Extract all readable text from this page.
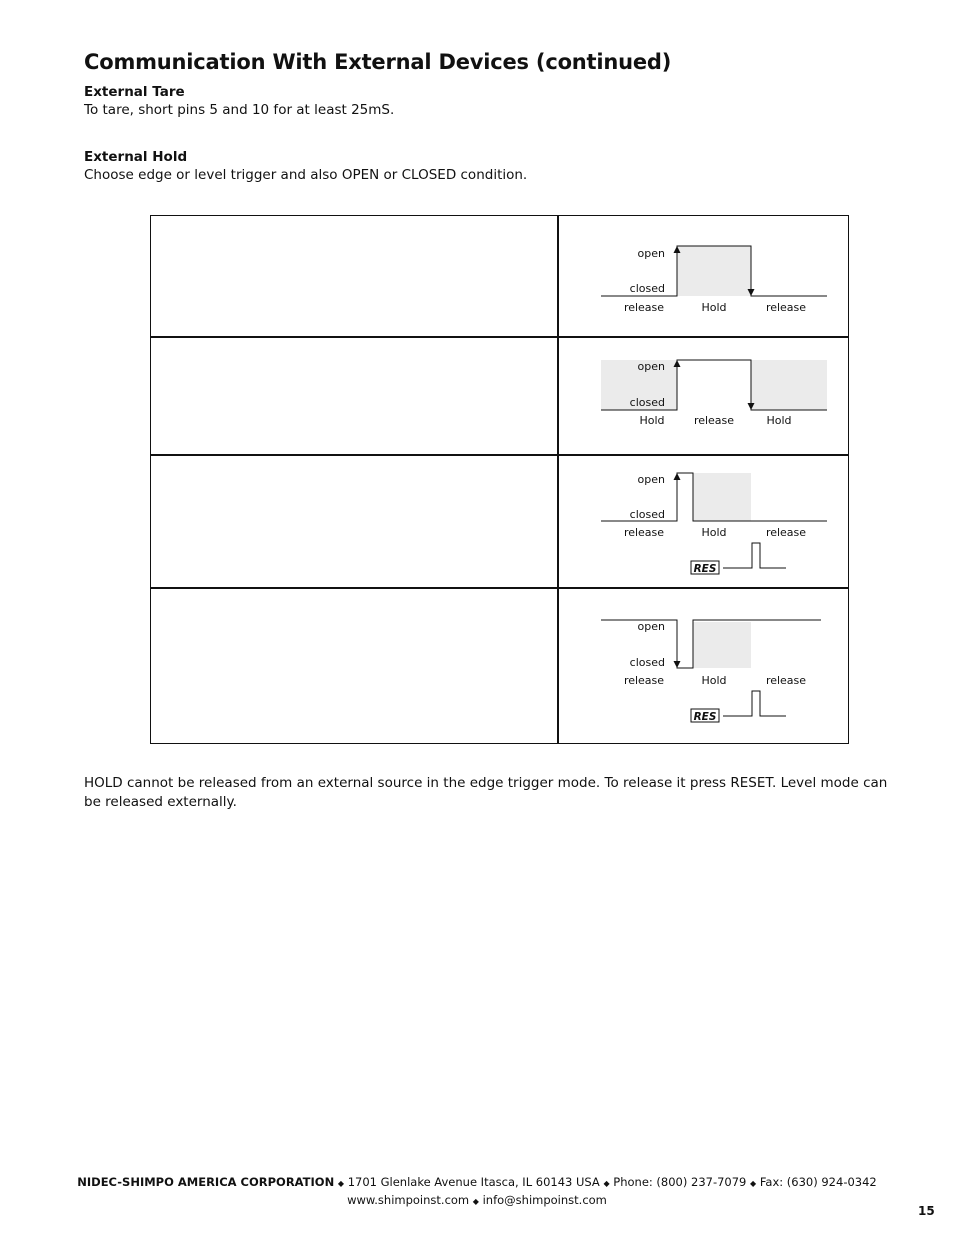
Communication With External Devices (continued)
External Tare
To tare, short pins 5 and 10 for at least 25mS.
External Hold
Choose edge or level trigger and also OPEN or CLOSED condition.
open
closed
release	Hold	release
open
closed
Hold	release	Hold
open
closed
release	Hold	release
RES
open
closed
release	Hold	release
RES
HOLD cannot be released from an external source in the edge trigger mode. To release it press RESET. Level mode can be released externally.
NIDEC-SHIMPO AMERICA CORPORATION ◆ 1701 Glenlake Avenue Itasca, IL 60143 USA ◆ Phone: (800) 237-7079 ◆ Fax: (630) 924-0342
www.shimpoinst.com ◆ info@shimpoinst.com
15
